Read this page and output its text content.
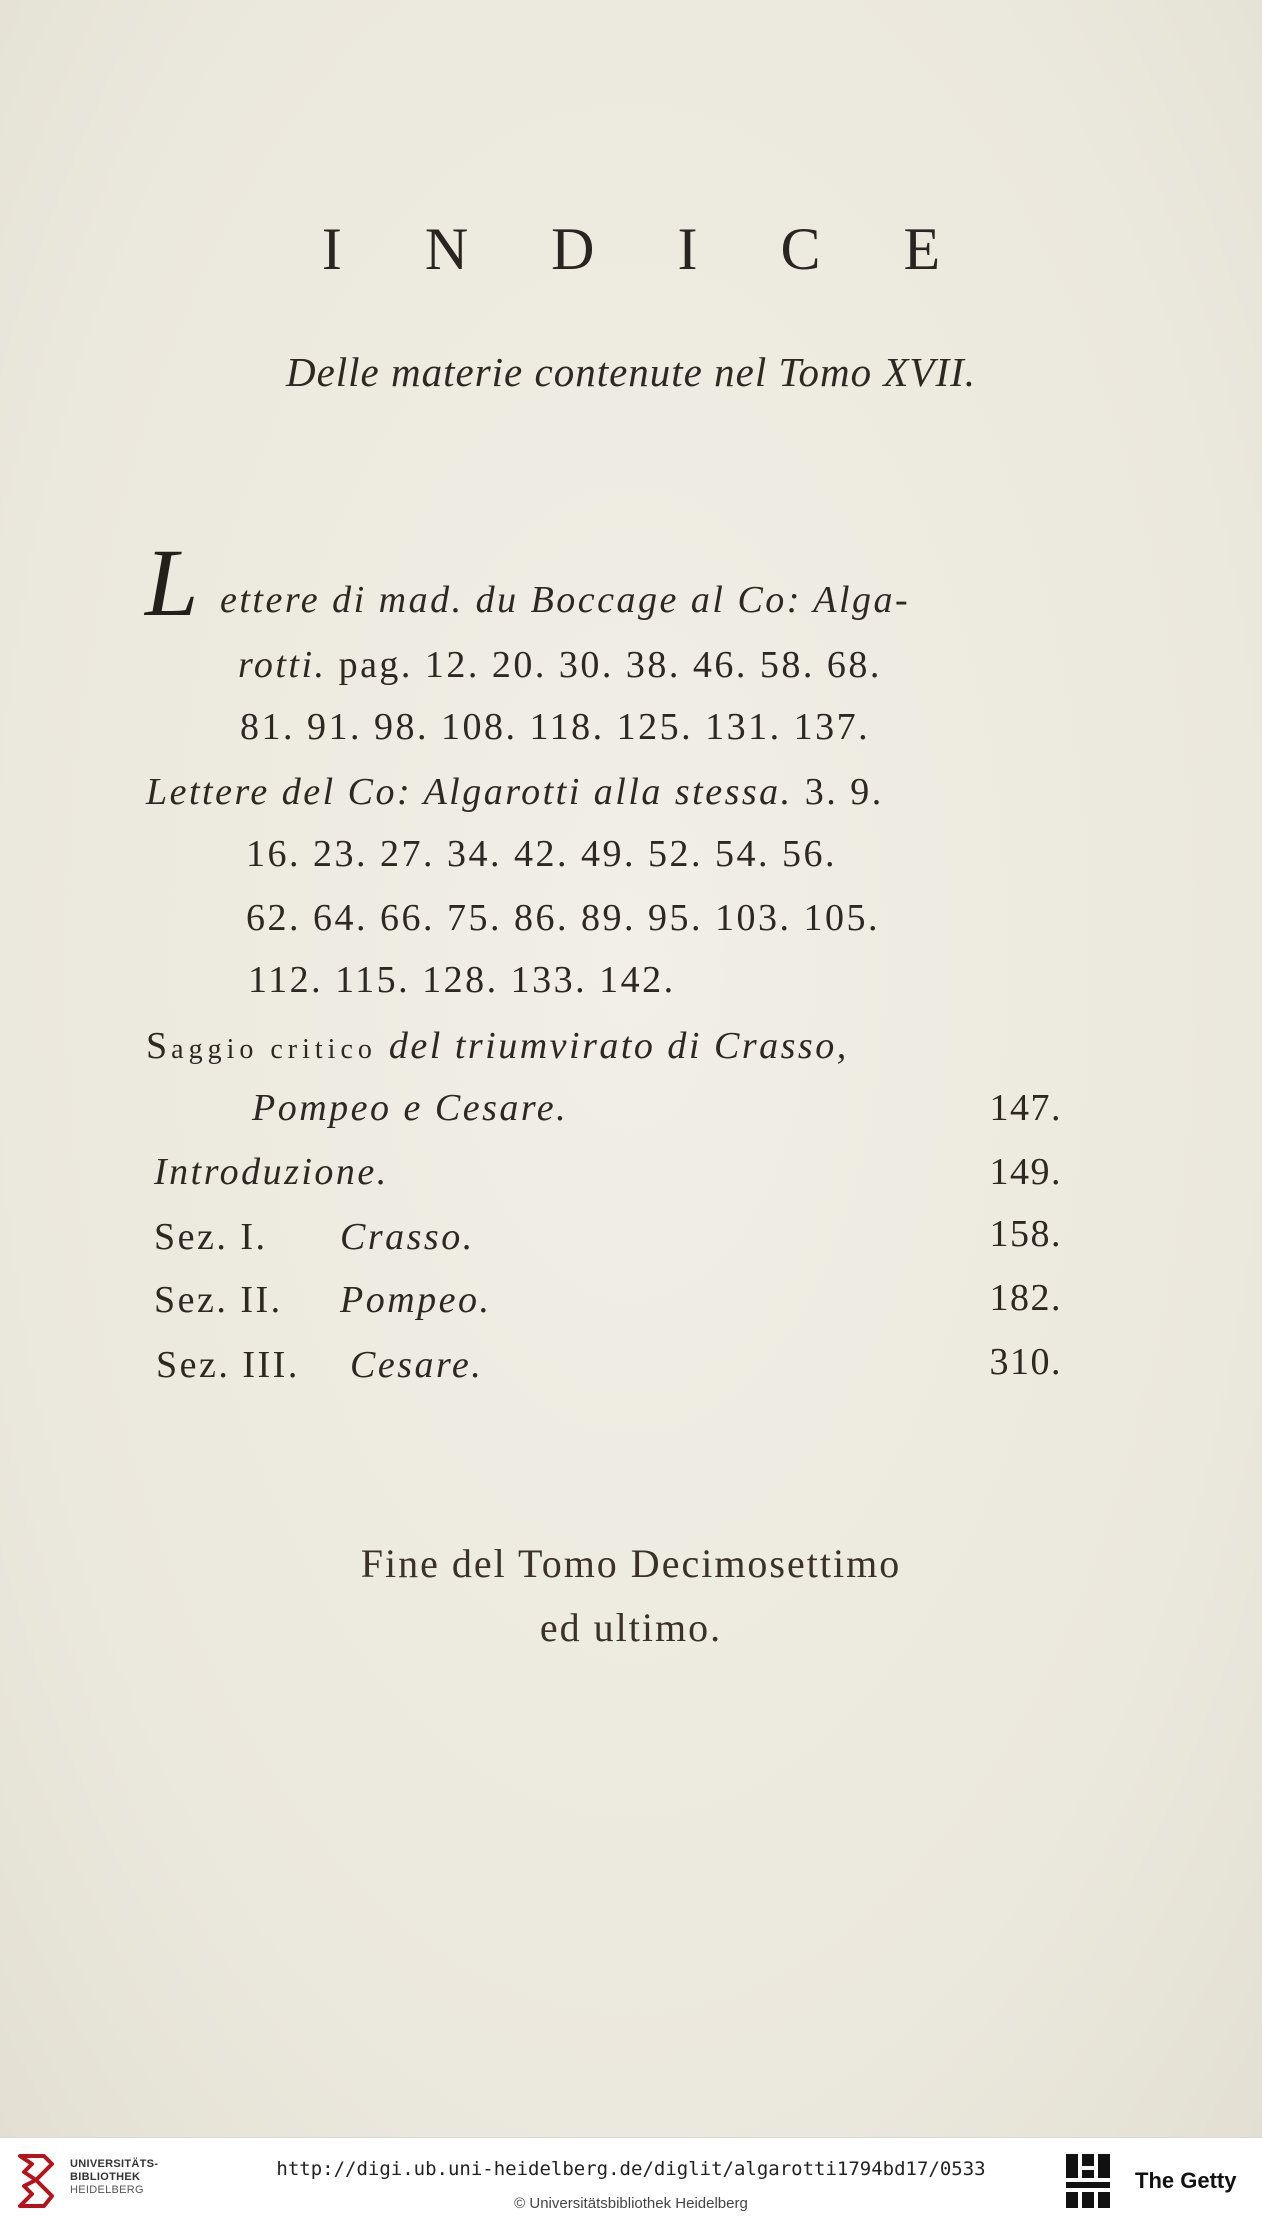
I N D I C E
Delle materie contenute nel Tomo XVII.
L ettere di mad. du Boccage al Co: Alga-
rotti. pag. 12. 20. 30. 38. 46. 58. 68.
81. 91. 98. 108. 118. 125. 131. 137.
Lettere del Co: Algarotti alla stessa. 3. 9.
16. 23. 27. 34. 42. 49. 52. 54. 56.
62. 64. 66. 75. 86. 89. 95. 103. 105.
112. 115. 128. 133. 142.
Saggio critico del triumvirato di Crasso,
Pompeo e Cesare.	147.
Introduzione.	149.
Sez. I. Crasso.	158.
Sez. II. Pompeo.	182.
Sez. III. Cesare.	310.
Fine del Tomo Decimosettimo
ed ultimo.
UNIVERSITÄTS-
BIBLIOTHEK
HEIDELBERG
http://digi.ub.uni-heidelberg.de/diglit/algarotti1794bd17/0533
© Universitätsbibliothek Heidelberg
The Getty
